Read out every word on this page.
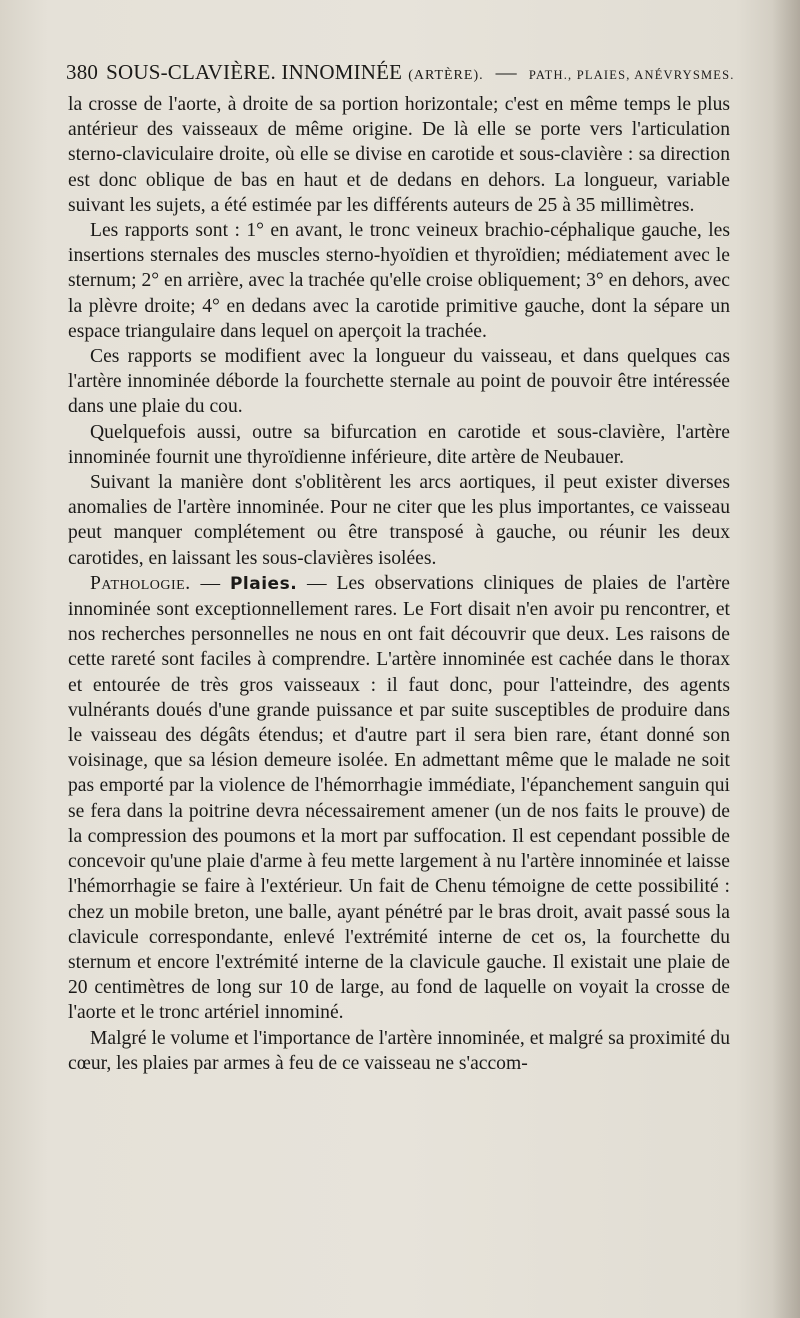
380 SOUS-CLAVIÈRE. INNOMINÉE (ARTÈRE). — PATH., PLAIES, ANÉVRYSMES.

la crosse de l'aorte, à droite de sa portion horizontale; c'est en même temps le plus antérieur des vaisseaux de même origine. De là elle se porte vers l'articulation sterno-claviculaire droite, où elle se divise en carotide et sous-clavière : sa direction est donc oblique de bas en haut et de dedans en dehors. La longueur, variable suivant les sujets, a été estimée par les différents auteurs de 25 à 35 millimètres.

Les rapports sont : 1° en avant, le tronc veineux brachio-céphalique gauche, les insertions sternales des muscles sterno-hyoïdien et thyroïdien; médiatement avec le sternum; 2° en arrière, avec la trachée qu'elle croise obliquement; 3° en dehors, avec la plèvre droite; 4° en dedans avec la carotide primitive gauche, dont la sépare un espace triangulaire dans lequel on aperçoit la trachée.

Ces rapports se modifient avec la longueur du vaisseau, et dans quelques cas l'artère innominée déborde la fourchette sternale au point de pouvoir être intéressée dans une plaie du cou.

Quelquefois aussi, outre sa bifurcation en carotide et sous-clavière, l'artère innominée fournit une thyroïdienne inférieure, dite artère de Neubauer.

Suivant la manière dont s'oblitèrent les arcs aortiques, il peut exister diverses anomalies de l'artère innominée. Pour ne citer que les plus importantes, ce vaisseau peut manquer complétement ou être transposé à gauche, ou réunir les deux carotides, en laissant les sous-clavières isolées.

Pathologie. — Plaies. — Les observations cliniques de plaies de l'artère innominée sont exceptionnellement rares. Le Fort disait n'en avoir pu rencontrer, et nos recherches personnelles ne nous en ont fait découvrir que deux. Les raisons de cette rareté sont faciles à comprendre. L'artère innominée est cachée dans le thorax et entourée de très gros vaisseaux : il faut donc, pour l'atteindre, des agents vulnérants doués d'une grande puissance et par suite susceptibles de produire dans le vaisseau des dégâts étendus; et d'autre part il sera bien rare, étant donné son voisinage, que sa lésion demeure isolée. En admettant même que le malade ne soit pas emporté par la violence de l'hémorrhagie immédiate, l'épanchement sanguin qui se fera dans la poitrine devra nécessairement amener (un de nos faits le prouve) de la compression des poumons et la mort par suffocation. Il est cependant possible de concevoir qu'une plaie d'arme à feu mette largement à nu l'artère innominée et laisse l'hémorrhagie se faire à l'extérieur. Un fait de Chenu témoigne de cette possibilité : chez un mobile breton, une balle, ayant pénétré par le bras droit, avait passé sous la clavicule correspondante, enlevé l'extrémité interne de cet os, la fourchette du sternum et encore l'extrémité interne de la clavicule gauche. Il existait une plaie de 20 centimètres de long sur 10 de large, au fond de laquelle on voyait la crosse de l'aorte et le tronc artériel innominé.

Malgré le volume et l'importance de l'artère innominée, et malgré sa proximité du cœur, les plaies par armes à feu de ce vaisseau ne s'accom-
